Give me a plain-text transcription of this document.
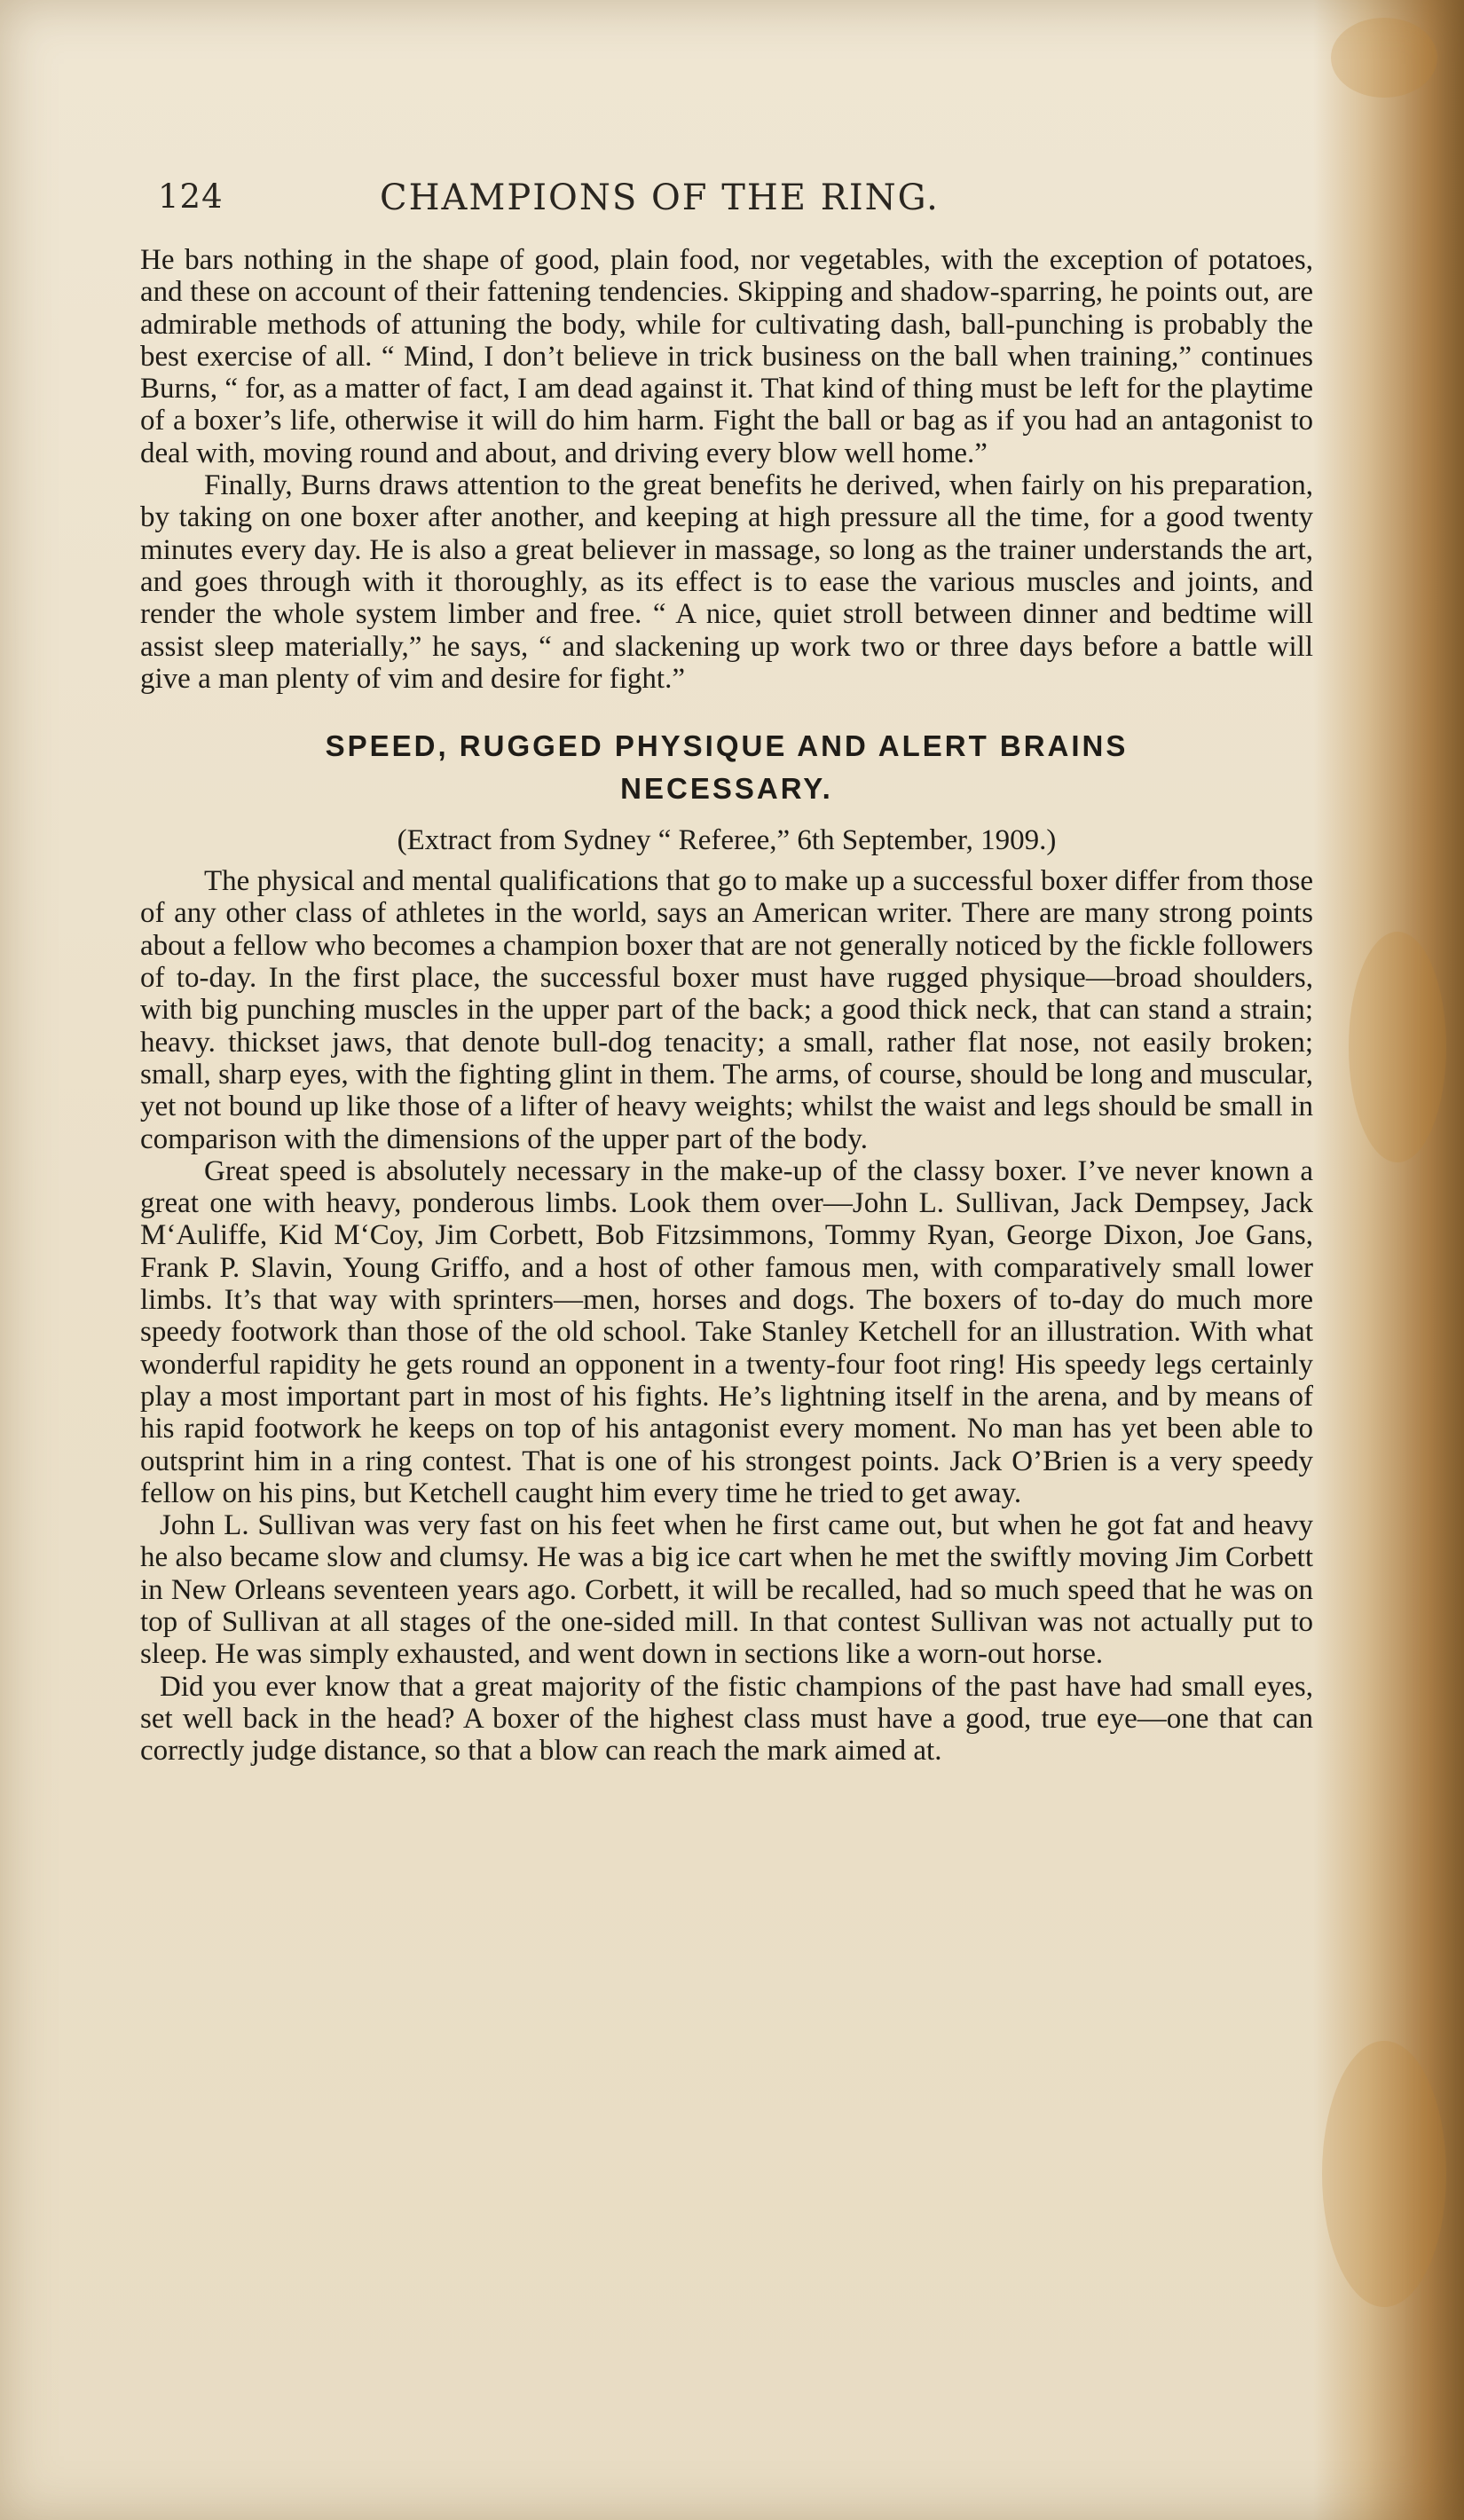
124	CHAMPIONS OF THE RING.

He bars nothing in the shape of good, plain food, nor vegetables, with the exception of potatoes, and these on account of their fattening tendencies. Skipping and shadow-sparring, he points out, are admirable methods of attuning the body, while for cultivating dash, ball-punching is probably the best exercise of all. “ Mind, I don’t believe in trick business on the ball when training,” continues Burns, “ for, as a matter of fact, I am dead against it. That kind of thing must be left for the playtime of a boxer’s life, otherwise it will do him harm. Fight the ball or bag as if you had an antagonist to deal with, moving round and about, and driving every blow well home.”

Finally, Burns draws attention to the great benefits he derived, when fairly on his preparation, by taking on one boxer after another, and keeping at high pressure all the time, for a good twenty minutes every day. He is also a great believer in massage, so long as the trainer understands the art, and goes through with it thoroughly, as its effect is to ease the various muscles and joints, and render the whole system limber and free. “ A nice, quiet stroll between dinner and bedtime will assist sleep materially,” he says, “ and slackening up work two or three days before a battle will give a man plenty of vim and desire for fight.”

SPEED, RUGGED PHYSIQUE AND ALERT BRAINS
NECESSARY.
(Extract from Sydney “ Referee,” 6th September, 1909.)

The physical and mental qualifications that go to make up a successful boxer differ from those of any other class of athletes in the world, says an American writer. There are many strong points about a fellow who becomes a champion boxer that are not generally noticed by the fickle followers of to-day. In the first place, the successful boxer must have rugged physique—broad shoulders, with big punching muscles in the upper part of the back; a good thick neck, that can stand a strain; heavy. thickset jaws, that denote bull-dog tenacity; a small, rather flat nose, not easily broken; small, sharp eyes, with the fighting glint in them. The arms, of course, should be long and muscular, yet not bound up like those of a lifter of heavy weights; whilst the waist and legs should be small in comparison with the dimensions of the upper part of the body.

Great speed is absolutely necessary in the make-up of the classy boxer. I’ve never known a great one with heavy, ponderous limbs. Look them over—John L. Sullivan, Jack Dempsey, Jack M‘Auliffe, Kid M‘Coy, Jim Corbett, Bob Fitzsimmons, Tommy Ryan, George Dixon, Joe Gans, Frank P. Slavin, Young Griffo, and a host of other famous men, with comparatively small lower limbs. It’s that way with sprinters—men, horses and dogs. The boxers of to-day do much more speedy footwork than those of the old school. Take Stanley Ketchell for an illustration. With what wonderful rapidity he gets round an opponent in a twenty-four foot ring! His speedy legs certainly play a most important part in most of his fights. He’s lightning itself in the arena, and by means of his rapid footwork he keeps on top of his antagonist every moment. No man has yet been able to outsprint him in a ring contest. That is one of his strongest points. Jack O’Brien is a very speedy fellow on his pins, but Ketchell caught him every time he tried to get away.

John L. Sullivan was very fast on his feet when he first came out, but when he got fat and heavy he also became slow and clumsy. He was a big ice cart when he met the swiftly moving Jim Corbett in New Orleans seventeen years ago. Corbett, it will be recalled, had so much speed that he was on top of Sullivan at all stages of the one-sided mill. In that contest Sullivan was not actually put to sleep. He was simply exhausted, and went down in sections like a worn-out horse.

Did you ever know that a great majority of the fistic champions of the past have had small eyes, set well back in the head? A boxer of the highest class must have a good, true eye—one that can correctly judge distance, so that a blow can reach the mark aimed at.
